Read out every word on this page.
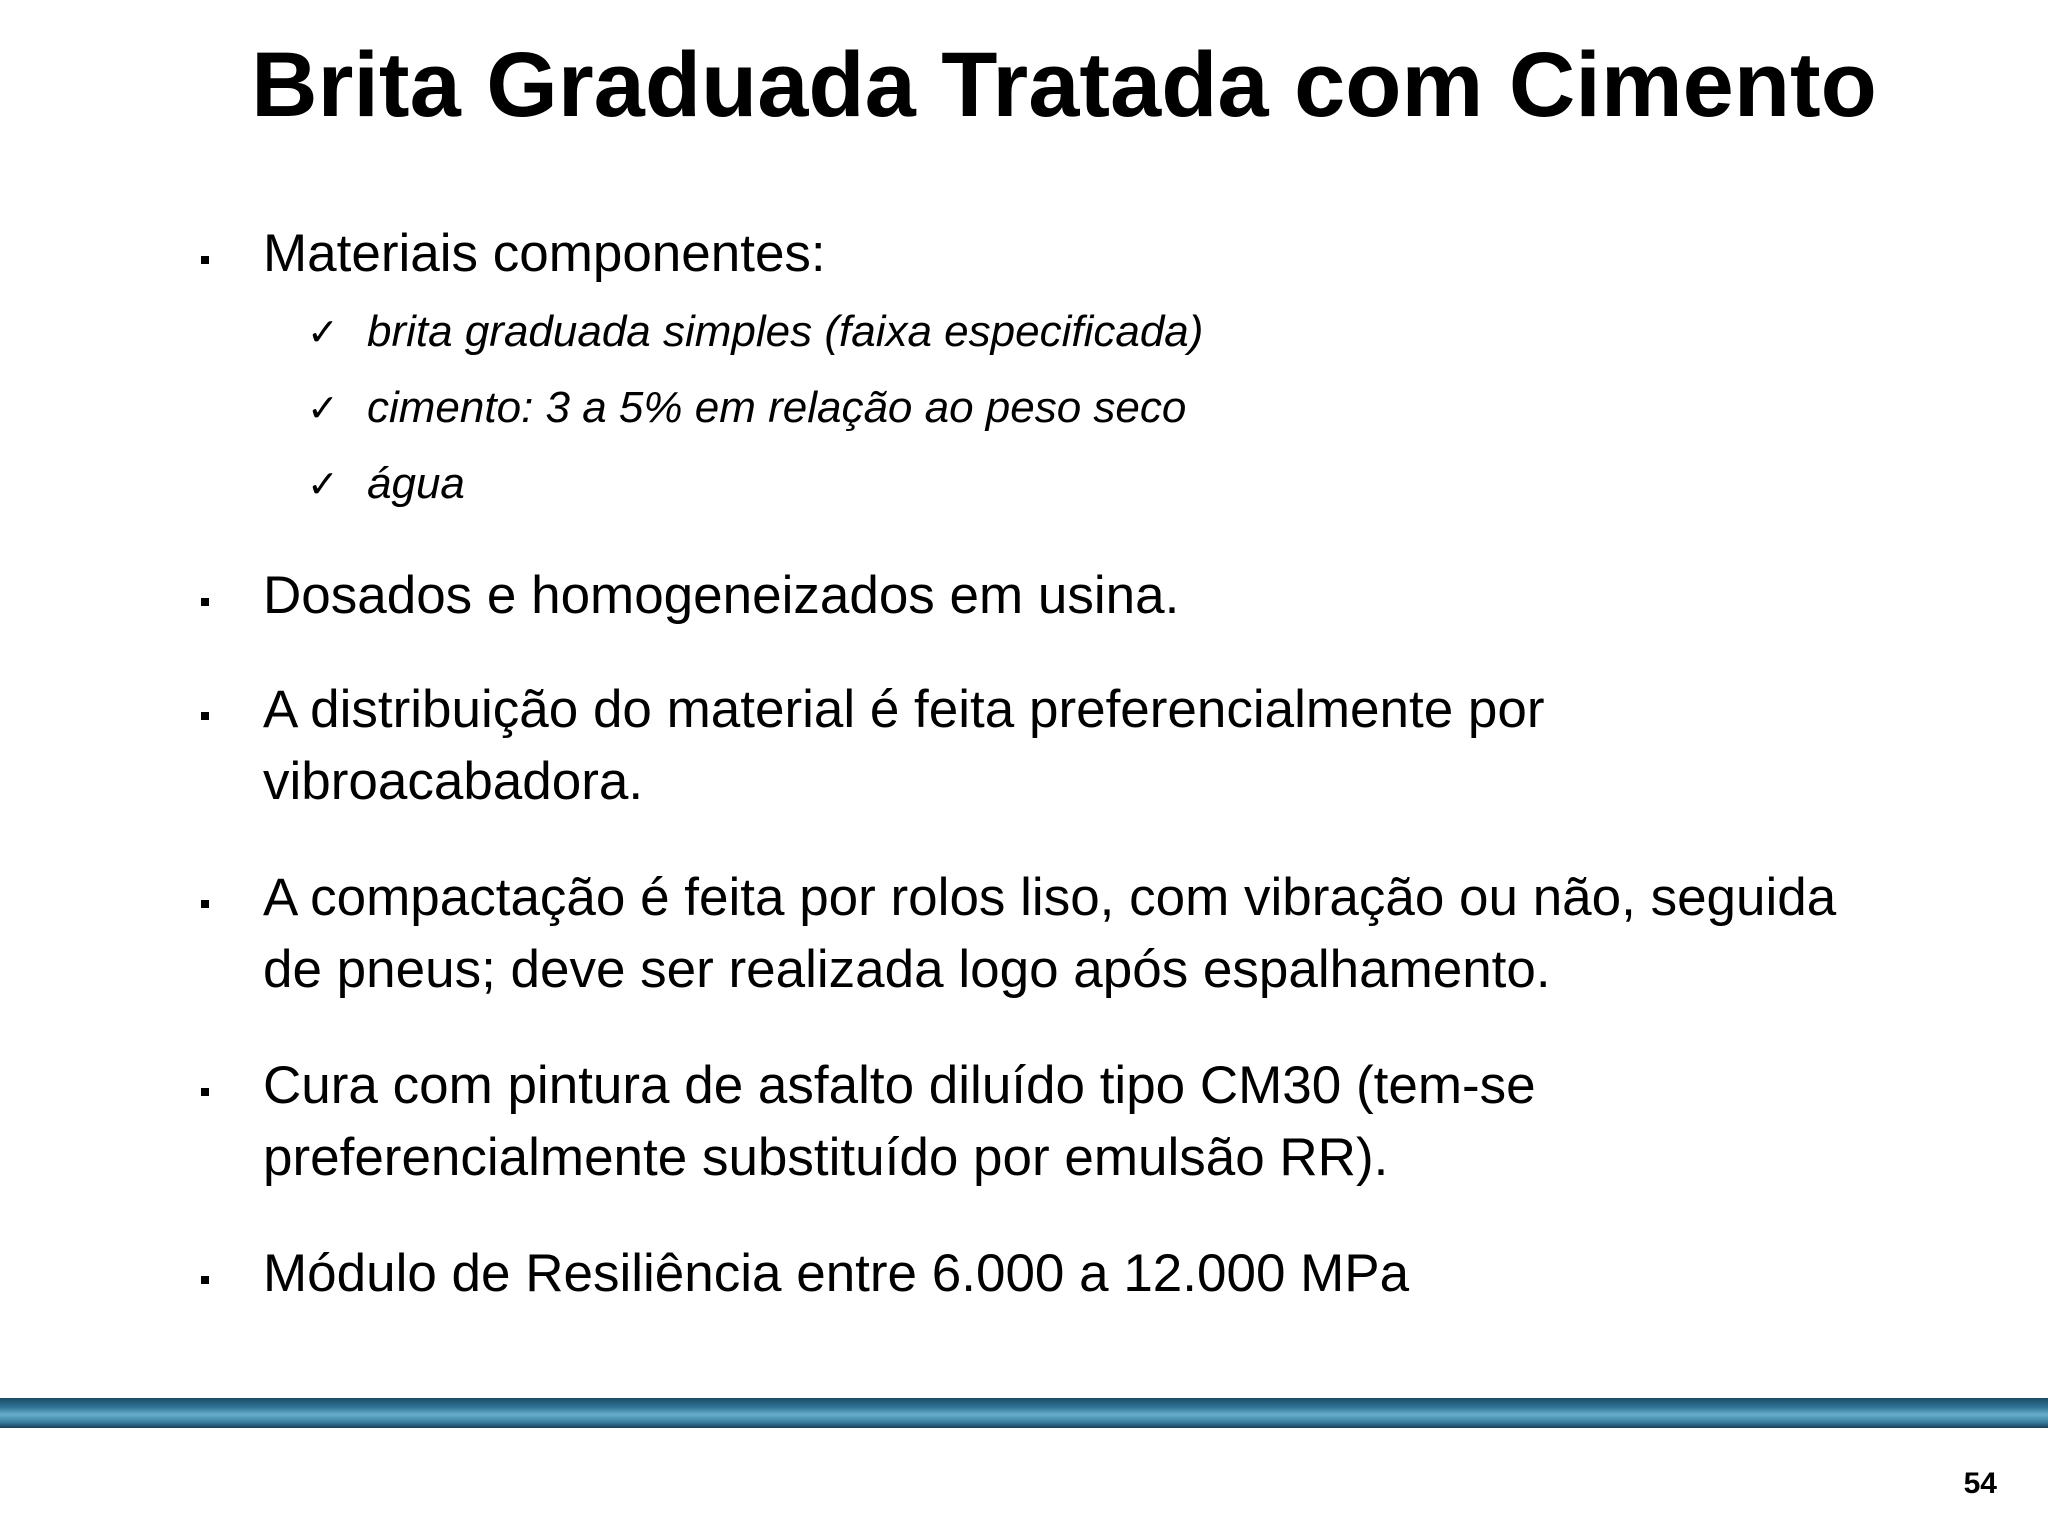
Brita Graduada Tratada com Cimento
Materiais componentes:
✓ brita graduada simples (faixa especificada)
✓ cimento: 3 a 5% em relação ao peso seco
✓ água
Dosados e homogeneizados em usina.
A distribuição do material é feita preferencialmente por vibroacabadora.
A compactação é feita por rolos liso, com vibração ou não, seguida de pneus; deve ser realizada logo após espalhamento.
Cura com pintura de asfalto diluído tipo CM30 (tem-se preferencialmente substituído por emulsão RR).
Módulo de Resiliência entre 6.000 a 12.000 MPa
54
